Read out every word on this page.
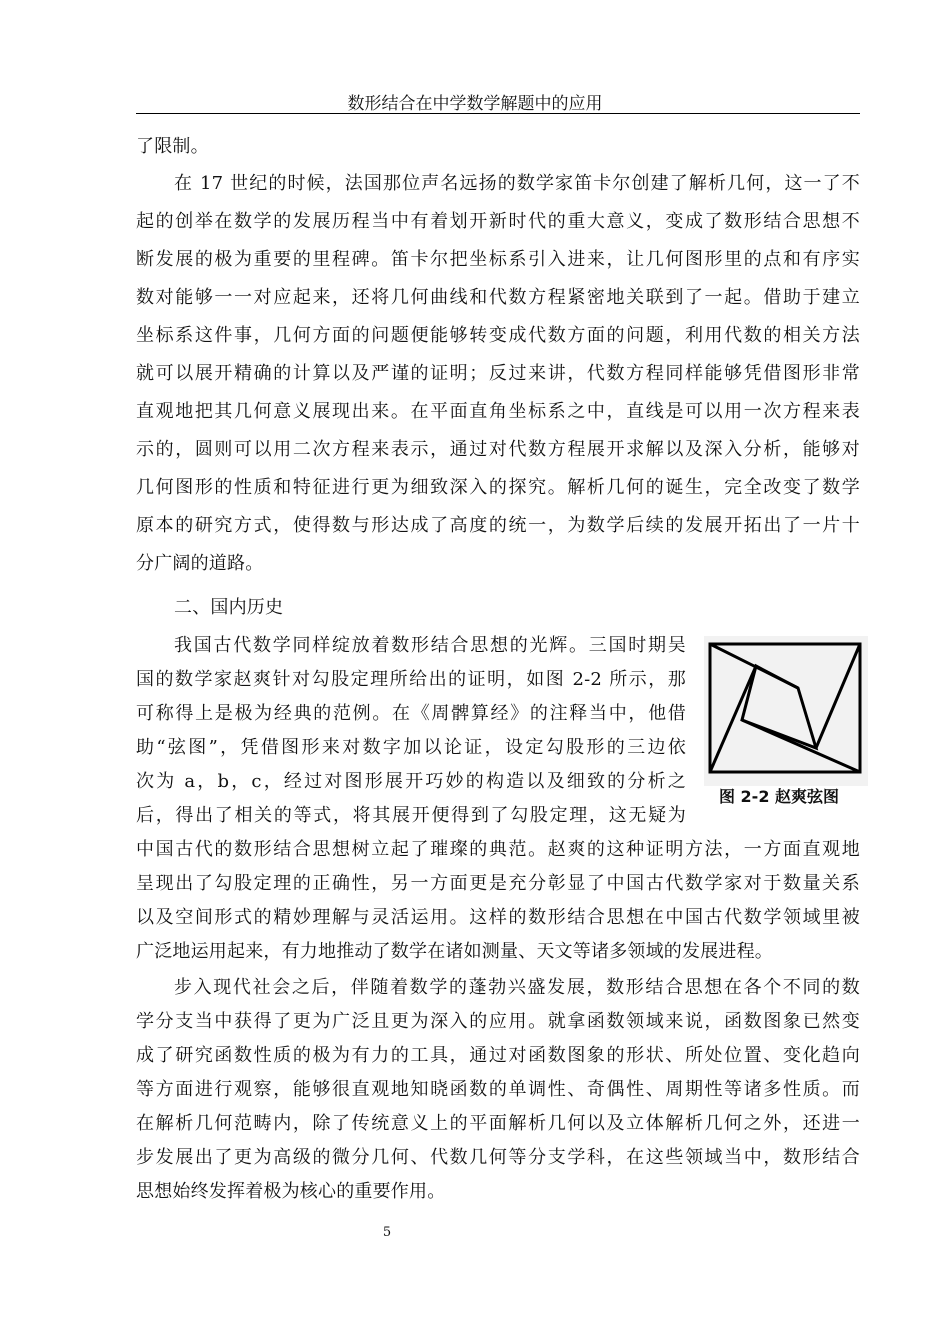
数形结合在中学数学解题中的应用
了限制。
在 17 世纪的时候，法国那位声名远扬的数学家笛卡尔创建了解析几何，这一了不
起的创举在数学的发展历程当中有着划开新时代的重大意义，变成了数形结合思想不
断发展的极为重要的里程碑。笛卡尔把坐标系引入进来，让几何图形里的点和有序实
数对能够一一对应起来，还将几何曲线和代数方程紧密地关联到了一起。借助于建立
坐标系这件事，几何方面的问题便能够转变成代数方面的问题，利用代数的相关方法
就可以展开精确的计算以及严谨的证明；反过来讲，代数方程同样能够凭借图形非常
直观地把其几何意义展现出来。在平面直角坐标系之中，直线是可以用一次方程来表
示的，圆则可以用二次方程来表示，通过对代数方程展开求解以及深入分析，能够对
几何图形的性质和特征进行更为细致深入的探究。解析几何的诞生，完全改变了数学
原本的研究方式，使得数与形达成了高度的统一，为数学后续的发展开拓出了一片十
分广阔的道路。
二、国内历史
我国古代数学同样绽放着数形结合思想的光辉。三国时期吴
国的数学家赵爽针对勾股定理所给出的证明，如图 2-2 所示，那
可称得上是极为经典的范例。在《周髀算经》的注释当中，他借
助“弦图”，凭借图形来对数字加以论证，设定勾股形的三边依
次为 a，b，c，经过对图形展开巧妙的构造以及细致的分析之
后，得出了相关的等式，将其展开便得到了勾股定理，这无疑为
中国古代的数形结合思想树立起了璀璨的典范。赵爽的这种证明方法，一方面直观地
呈现出了勾股定理的正确性，另一方面更是充分彰显了中国古代数学家对于数量关系
以及空间形式的精妙理解与灵活运用。这样的数形结合思想在中国古代数学领域里被
广泛地运用起来，有力地推动了数学在诸如测量、天文等诸多领域的发展进程。
图 2-2 赵爽弦图
步入现代社会之后，伴随着数学的蓬勃兴盛发展，数形结合思想在各个不同的数
学分支当中获得了更为广泛且更为深入的应用。就拿函数领域来说，函数图象已然变
成了研究函数性质的极为有力的工具，通过对函数图象的形状、所处位置、变化趋向
等方面进行观察，能够很直观地知晓函数的单调性、奇偶性、周期性等诸多性质。而
在解析几何范畴内，除了传统意义上的平面解析几何以及立体解析几何之外，还进一
步发展出了更为高级的微分几何、代数几何等分支学科，在这些领域当中，数形结合
思想始终发挥着极为核心的重要作用。
5
